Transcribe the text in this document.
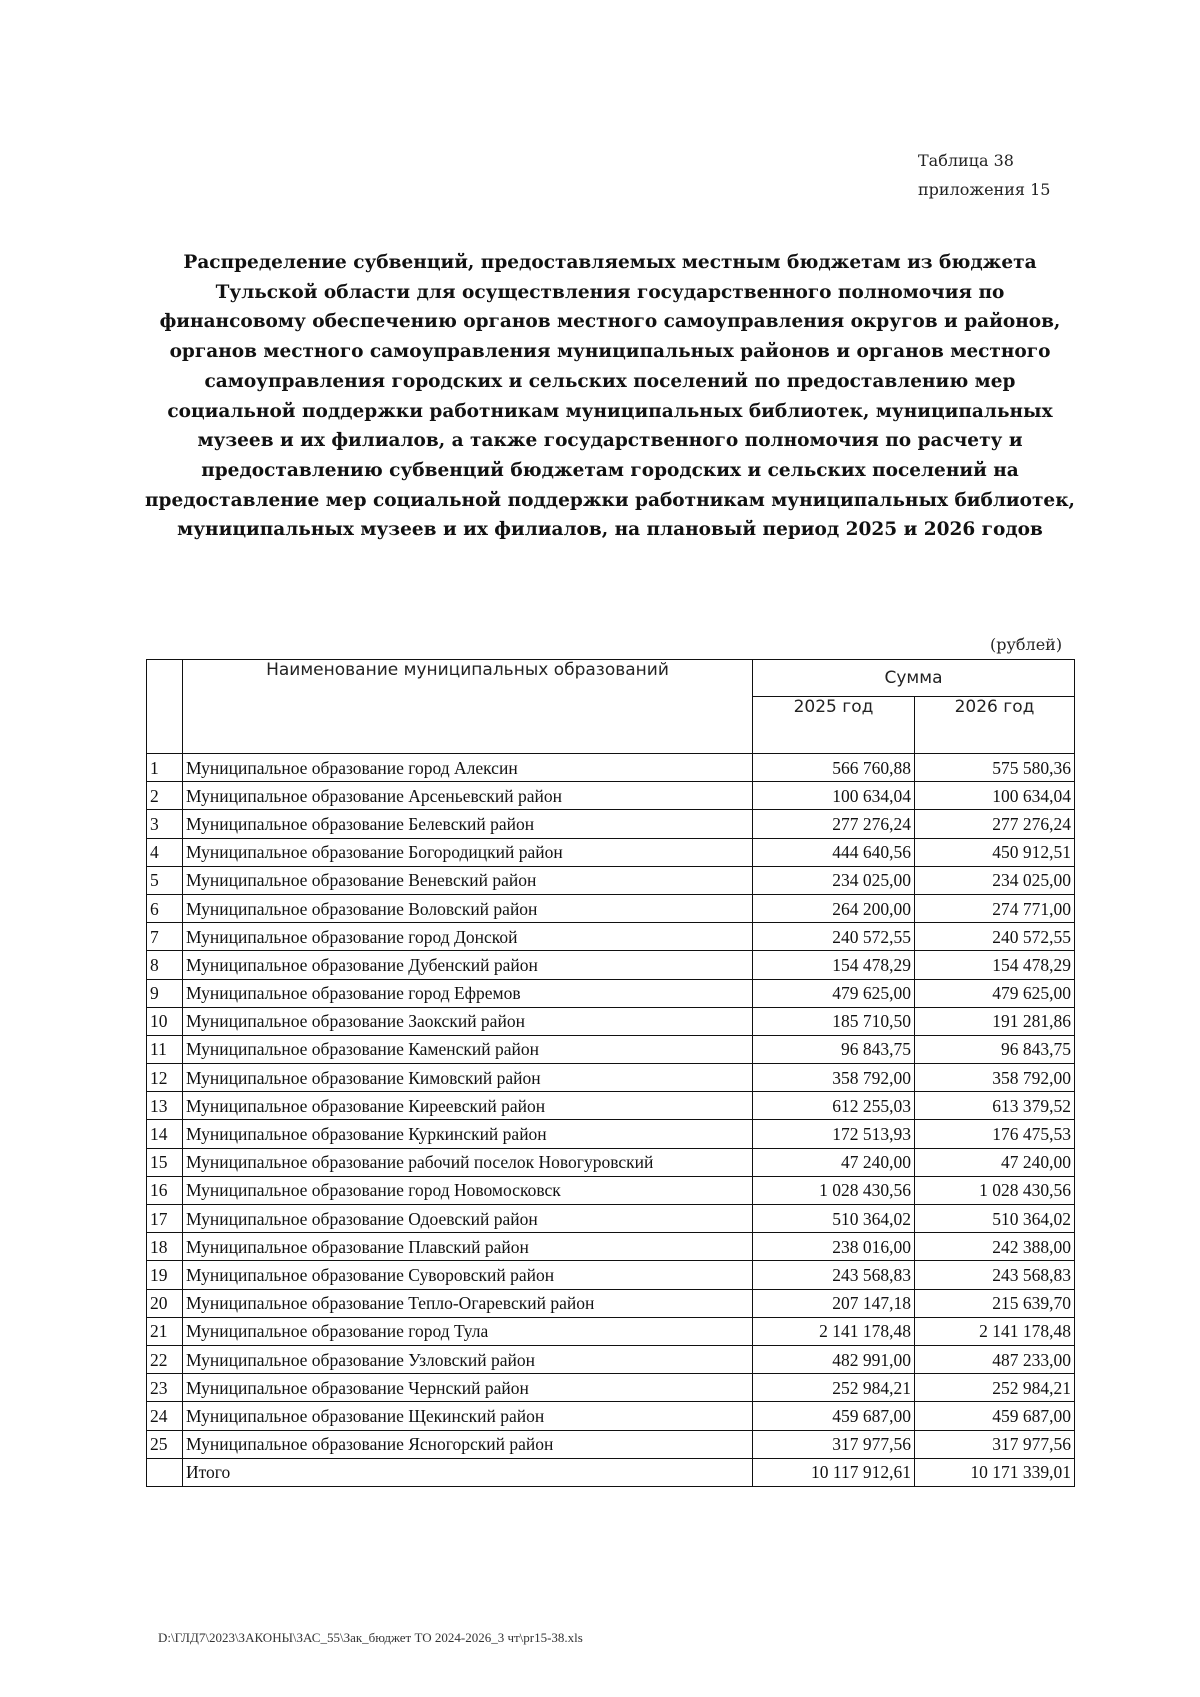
Таблица 38
приложения 15
Распределение субвенций, предоставляемых местным бюджетам из бюджета Тульской области для осуществления государственного полномочия по финансовому обеспечению органов местного самоуправления округов и районов, органов местного самоуправления муниципальных районов и органов местного самоуправления городских и сельских поселений по предоставлению мер социальной поддержки работникам муниципальных библиотек, муниципальных музеев и их филиалов, а также государственного полномочия по расчету и предоставлению субвенций бюджетам городских и сельских поселений на предоставление мер социальной поддержки работникам муниципальных библиотек, муниципальных музеев и их филиалов, на плановый период 2025 и 2026 годов
(рублей)
	Наименование муниципальных образований	Сумма	
		2025 год	2026 год
1	Муниципальное образование город Алексин	566 760,88	575 580,36
2	Муниципальное образование Арсеньевский район	100 634,04	100 634,04
3	Муниципальное образование Белевский район	277 276,24	277 276,24
4	Муниципальное образование Богородицкий район	444 640,56	450 912,51
5	Муниципальное образование Веневский район	234 025,00	234 025,00
6	Муниципальное образование Воловский район	264 200,00	274 771,00
7	Муниципальное образование город Донской	240 572,55	240 572,55
8	Муниципальное образование Дубенский район	154 478,29	154 478,29
9	Муниципальное образование город Ефремов	479 625,00	479 625,00
10	Муниципальное образование Заокский район	185 710,50	191 281,86
11	Муниципальное образование Каменский район	96 843,75	96 843,75
12	Муниципальное образование Кимовский район	358 792,00	358 792,00
13	Муниципальное образование Киреевский район	612 255,03	613 379,52
14	Муниципальное образование Куркинский район	172 513,93	176 475,53
15	Муниципальное образование рабочий поселок Новогуровский	47 240,00	47 240,00
16	Муниципальное образование город Новомосковск	1 028 430,56	1 028 430,56
17	Муниципальное образование Одоевский район	510 364,02	510 364,02
18	Муниципальное образование Плавский район	238 016,00	242 388,00
19	Муниципальное образование Суворовский район	243 568,83	243 568,83
20	Муниципальное образование Тепло-Огаревский район	207 147,18	215 639,70
21	Муниципальное образование город Тула	2 141 178,48	2 141 178,48
22	Муниципальное образование Узловский район	482 991,00	487 233,00
23	Муниципальное образование Чернский район	252 984,21	252 984,21
24	Муниципальное образование Щекинский район	459 687,00	459 687,00
25	Муниципальное образование Ясногорский район	317 977,56	317 977,56
	Итого	10 117 912,61	10 171 339,01
D:\ГЛД7\2023\ЗАКОНЫ\ЗАС_55\Зак_бюджет ТО 2024-2026_3 чт\pr15-38.xls
